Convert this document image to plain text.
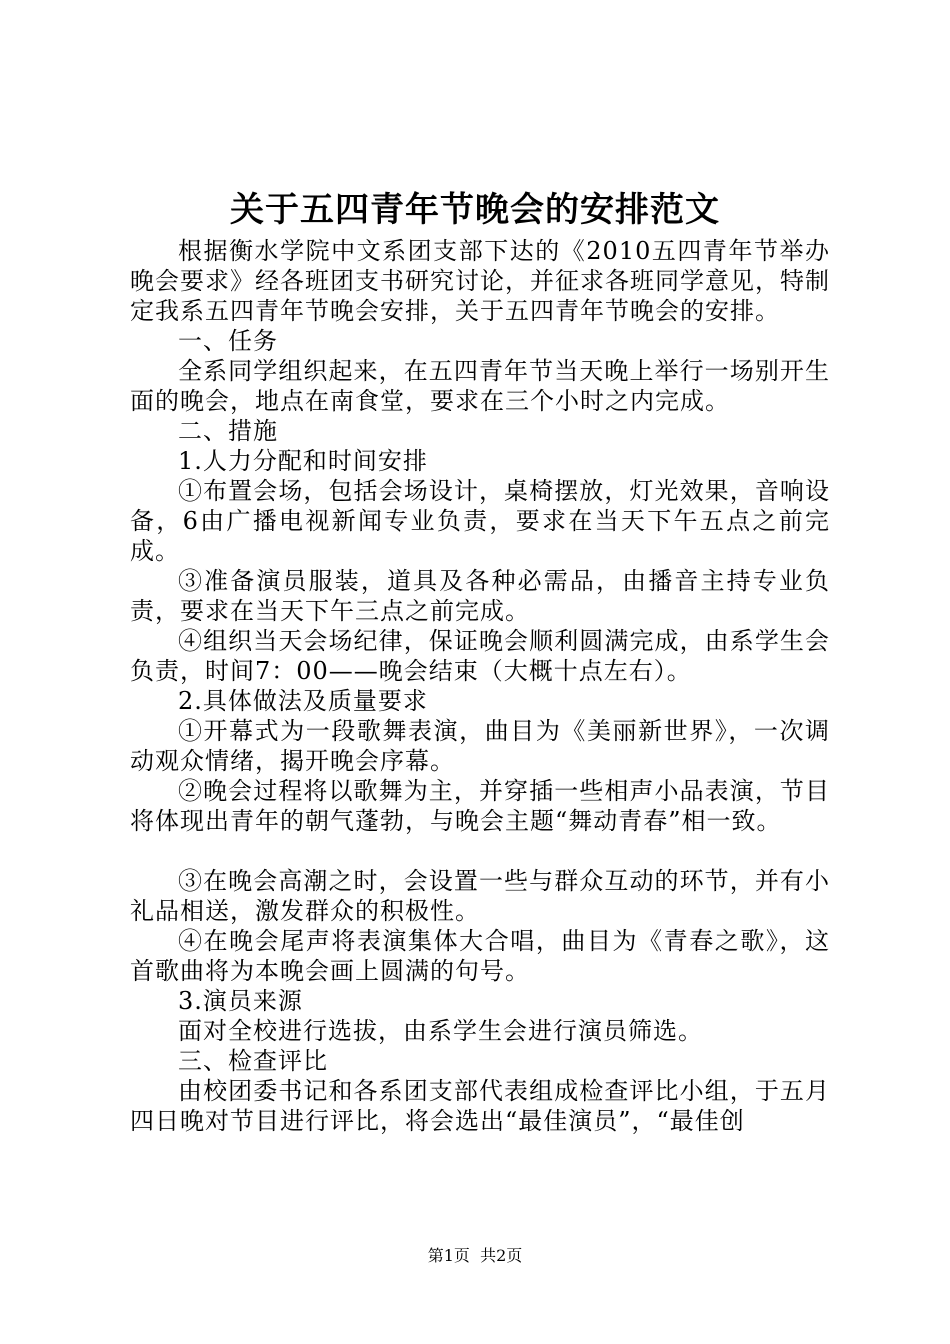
关于五四青年节晚会的安排范文

根据衡水学院中文系团支部下达的《2010五四青年节举办晚会要求》经各班团支书研究讨论，并征求各班同学意见，特制定我系五四青年节晚会安排，关于五四青年节晚会的安排。

一、任务

全系同学组织起来，在五四青年节当天晚上举行一场别开生面的晚会，地点在南食堂，要求在三个小时之内完成。

二、措施

1.人力分配和时间安排

①布置会场，包括会场设计，桌椅摆放，灯光效果，音响设备，6由广播电视新闻专业负责，要求在当天下午五点之前完成。

③准备演员服装，道具及各种必需品，由播音主持专业负责，要求在当天下午三点之前完成。

④组织当天会场纪律，保证晚会顺利圆满完成，由系学生会负责，时间7：00——晚会结束（大概十点左右）。

2.具体做法及质量要求

①开幕式为一段歌舞表演，曲目为《美丽新世界》，一次调动观众情绪，揭开晚会序幕。

②晚会过程将以歌舞为主，并穿插一些相声小品表演，节目将体现出青年的朝气蓬勃，与晚会主题“舞动青春”相一致。

③在晚会高潮之时，会设置一些与群众互动的环节，并有小礼品相送，激发群众的积极性。

④在晚会尾声将表演集体大合唱，曲目为《青春之歌》，这首歌曲将为本晚会画上圆满的句号。

3.演员来源

面对全校进行选拔，由系学生会进行演员筛选。

三、检查评比

由校团委书记和各系团支部代表组成检查评比小组，于五月四日晚对节目进行评比，将会选出“最佳演员”，“最佳创

第1页 共2页
